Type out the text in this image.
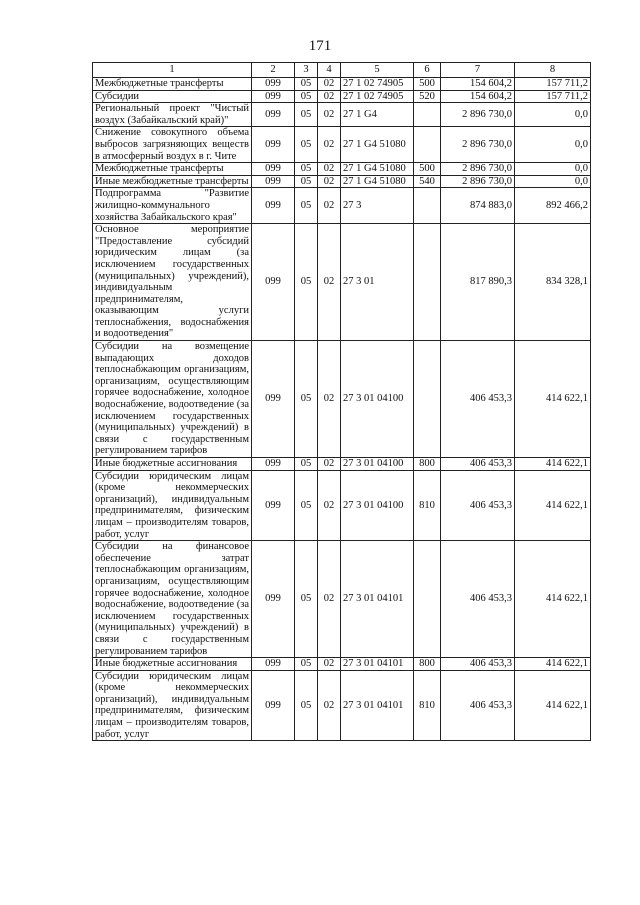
171
1	2	3	4	5	6	7	8
Межбюджетные трансферты	099	05	02	27 1 02 74905	500	154 604,2	157 711,2
Субсидии	099	05	02	27 1 02 74905	520	154 604,2	157 711,2
Региональный проект "Чистый воздух (Забайкальский край)"	099	05	02	27 1 G4		2 896 730,0	0,0
Снижение совокупного объема выбросов загрязняющих веществ в атмосферный воздух в г. Чите	099	05	02	27 1 G4 51080		2 896 730,0	0,0
Межбюджетные трансферты	099	05	02	27 1 G4 51080	500	2 896 730,0	0,0
Иные межбюджетные трансферты	099	05	02	27 1 G4 51080	540	2 896 730,0	0,0
Подпрограмма "Развитие жилищно-коммунального хозяйства Забайкальского края"	099	05	02	27 3		874 883,0	892 466,2
Основное мероприятие "Предоставление субсидий юридическим лицам (за исключением государственных (муниципальных) учреждений), индивидуальным предпринимателям, оказывающим услуги теплоснабжения, водоснабжения и водоотведения"	099	05	02	27 3 01		817 890,3	834 328,1
Субсидии на возмещение выпадающих доходов теплоснабжающим организациям, организациям, осуществляющим горячее водоснабжение, холодное водоснабжение, водоотведение (за исключением государственных (муниципальных) учреждений) в связи с государственным регулированием тарифов	099	05	02	27 3 01 04100		406 453,3	414 622,1
Иные бюджетные ассигнования	099	05	02	27 3 01 04100	800	406 453,3	414 622,1
Субсидии юридическим лицам (кроме некоммерческих организаций), индивидуальным предпринимателям, физическим лицам – производителям товаров, работ, услуг	099	05	02	27 3 01 04100	810	406 453,3	414 622,1
Субсидии на финансовое обеспечение затрат теплоснабжающим организациям, организациям, осуществляющим горячее водоснабжение, холодное водоснабжение, водоотведение (за исключением государственных (муниципальных) учреждений) в связи с государственным регулированием тарифов	099	05	02	27 3 01 04101		406 453,3	414 622,1
Иные бюджетные ассигнования	099	05	02	27 3 01 04101	800	406 453,3	414 622,1
Субсидии юридическим лицам (кроме некоммерческих организаций), индивидуальным предпринимателям, физическим лицам – производителям товаров, работ, услуг	099	05	02	27 3 01 04101	810	406 453,3	414 622,1
